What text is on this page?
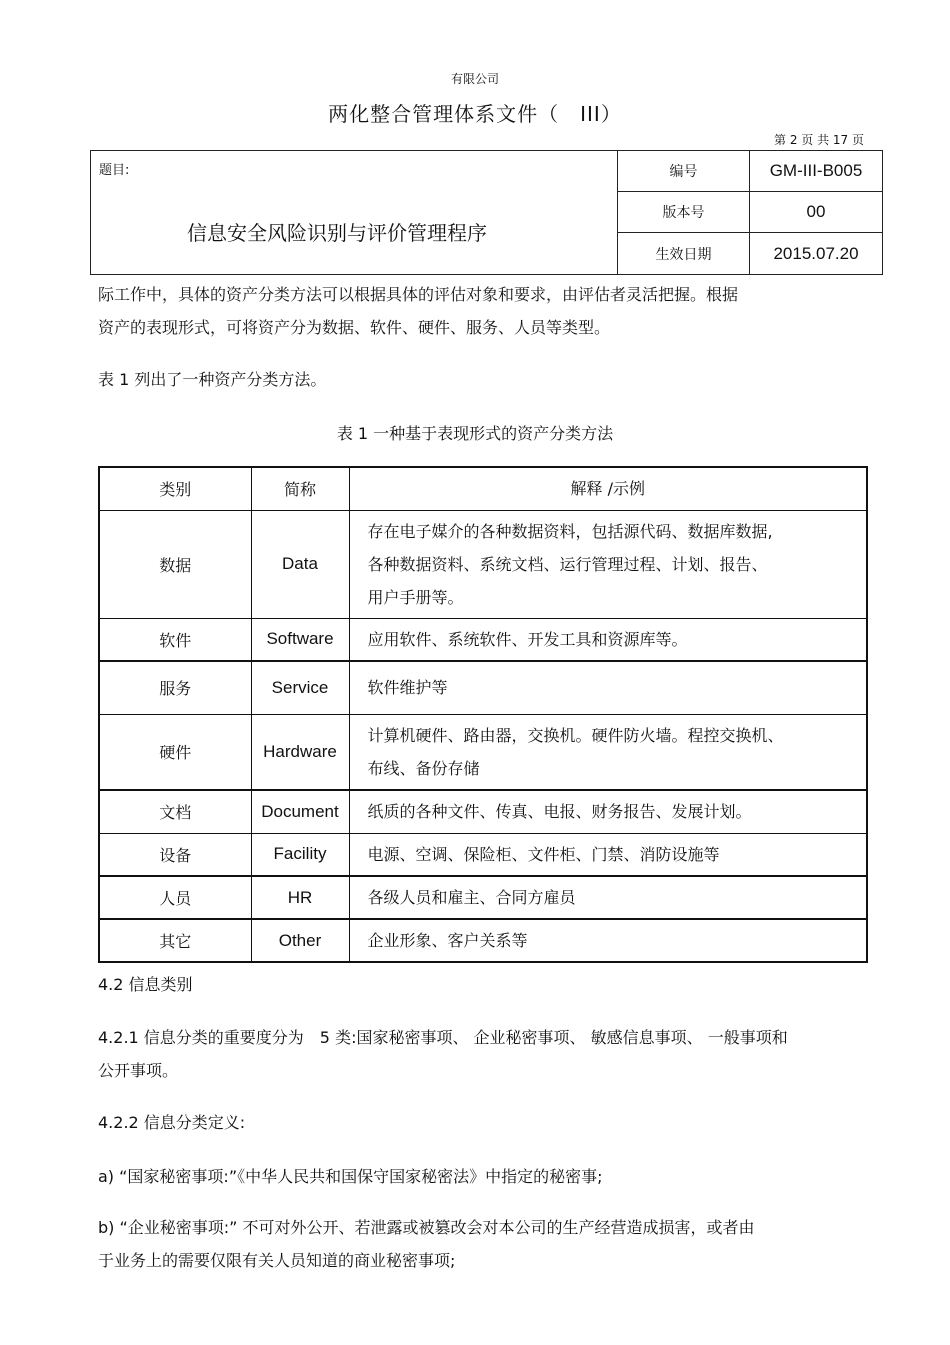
有限公司
两化整合管理体系文件（　III）
第 2 页 共 17 页
题目:
信息安全风险识别与评价管理程序	编号	GM-III-B005
	版本号	00
	生效日期	2015.07.20
际工作中，具体的资产分类方法可以根据具体的评估对象和要求，由评估者灵活把握。根据
资产的表现形式，可将资产分为数据、软件、硬件、服务、人员等类型。
表 1 列出了一种资产分类方法。
表 1 一种基于表现形式的资产分类方法
类别	简称	解释 /示例
数据	Data	存在电子媒介的各种数据资料，包括源代码、数据库数据,
各种数据资料、系统文档、运行管理过程、计划、报告、
用户手册等。

软件	Software	应用软件、系统软件、开发工具和资源库等。
服务	Service	软件维护等
硬件	Hardware	计算机硬件、路由器，交换机。硬件防火墙。程控交换机、
布线、备份存储

文档	Document	纸质的各种文件、传真、电报、财务报告、发展计划。
设备	Facility	电源、空调、保险柜、文件柜、门禁、消防设施等
人员	HR	各级人员和雇主、合同方雇员
其它	Other	企业形象、客户关系等
4.2 信息类别
4.2.1 信息分类的重要度分为　5 类:国家秘密事项、 企业秘密事项、 敏感信息事项、 一般事项和
公开事项。
4.2.2 信息分类定义:
a) “国家秘密事项:”《中华人民共和国保守国家秘密法》中指定的秘密事;
b) “企业秘密事项:” 不可对外公开、若泄露或被篡改会对本公司的生产经营造成损害，或者由
于业务上的需要仅限有关人员知道的商业秘密事项;
